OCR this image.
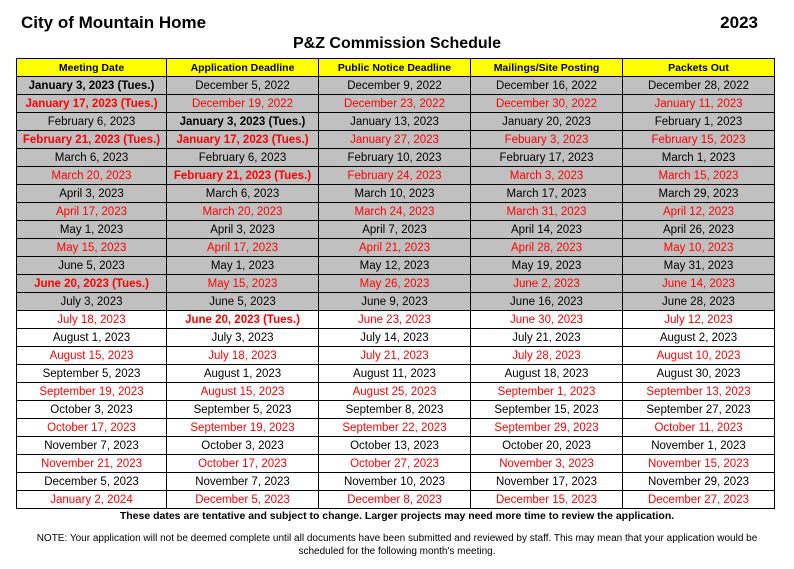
City of Mountain Home	2023
P&Z Commission Schedule
Meeting Date	Application Deadline	Public Notice Deadline	Mailings/Site Posting	Packets Out
January 3, 2023 (Tues.)	December 5, 2022	December 9, 2022	December 16, 2022	December 28, 2022
January 17, 2023 (Tues.)	December 19, 2022	December 23, 2022	December 30, 2022	January 11, 2023
February 6, 2023	January 3, 2023 (Tues.)	January 13, 2023	January 20, 2023	February 1, 2023
February 21, 2023 (Tues.)	January 17, 2023 (Tues.)	January 27, 2023	Febuary 3, 2023	February 15, 2023
March 6, 2023	February 6, 2023	February 10, 2023	February 17, 2023	March 1, 2023
March 20, 2023	February 21, 2023 (Tues.)	February 24, 2023	March 3, 2023	March 15, 2023
April 3, 2023	March 6, 2023	March 10, 2023	March 17, 2023	March 29, 2023
April 17, 2023	March 20, 2023	March 24, 2023	March 31, 2023	April 12, 2023
May 1, 2023	April 3, 2023	April 7, 2023	April 14, 2023	April 26, 2023
May 15, 2023	April 17, 2023	April 21, 2023	April 28, 2023	May 10, 2023
June 5, 2023	May 1, 2023	May 12, 2023	May 19, 2023	May 31, 2023
June 20, 2023 (Tues.)	May 15, 2023	May 26, 2023	June 2, 2023	June 14, 2023
July 3, 2023	June 5, 2023	June 9, 2023	June 16, 2023	June 28, 2023
July 18, 2023	June 20, 2023 (Tues.)	June 23, 2023	June 30, 2023	July 12, 2023
August 1, 2023	July 3, 2023	July 14, 2023	July 21, 2023	August 2, 2023
August 15, 2023	July 18, 2023	July 21, 2023	July 28, 2023	August 10, 2023
September 5, 2023	August 1, 2023	August 11, 2023	August 18, 2023	August 30, 2023
September 19, 2023	August 15, 2023	August 25, 2023	September 1, 2023	September 13, 2023
October 3, 2023	September 5, 2023	September 8, 2023	September 15, 2023	September 27, 2023
October 17, 2023	September 19, 2023	September 22, 2023	September 29, 2023	October 11, 2023
November 7, 2023	October 3, 2023	October 13, 2023	October 20, 2023	November 1, 2023
November 21, 2023	October 17, 2023	October 27, 2023	November 3, 2023	November 15, 2023
December 5, 2023	November 7, 2023	November 10, 2023	November 17, 2023	November 29, 2023
January 2, 2024	December 5, 2023	December 8, 2023	December 15, 2023	December 27, 2023
These dates are tentative and subject to change. Larger projects may need more time to review the application.
NOTE: Your application will not be deemed complete until all documents have been submitted and reviewed by staff. This may mean that your application would be scheduled for the following month's meeting.
